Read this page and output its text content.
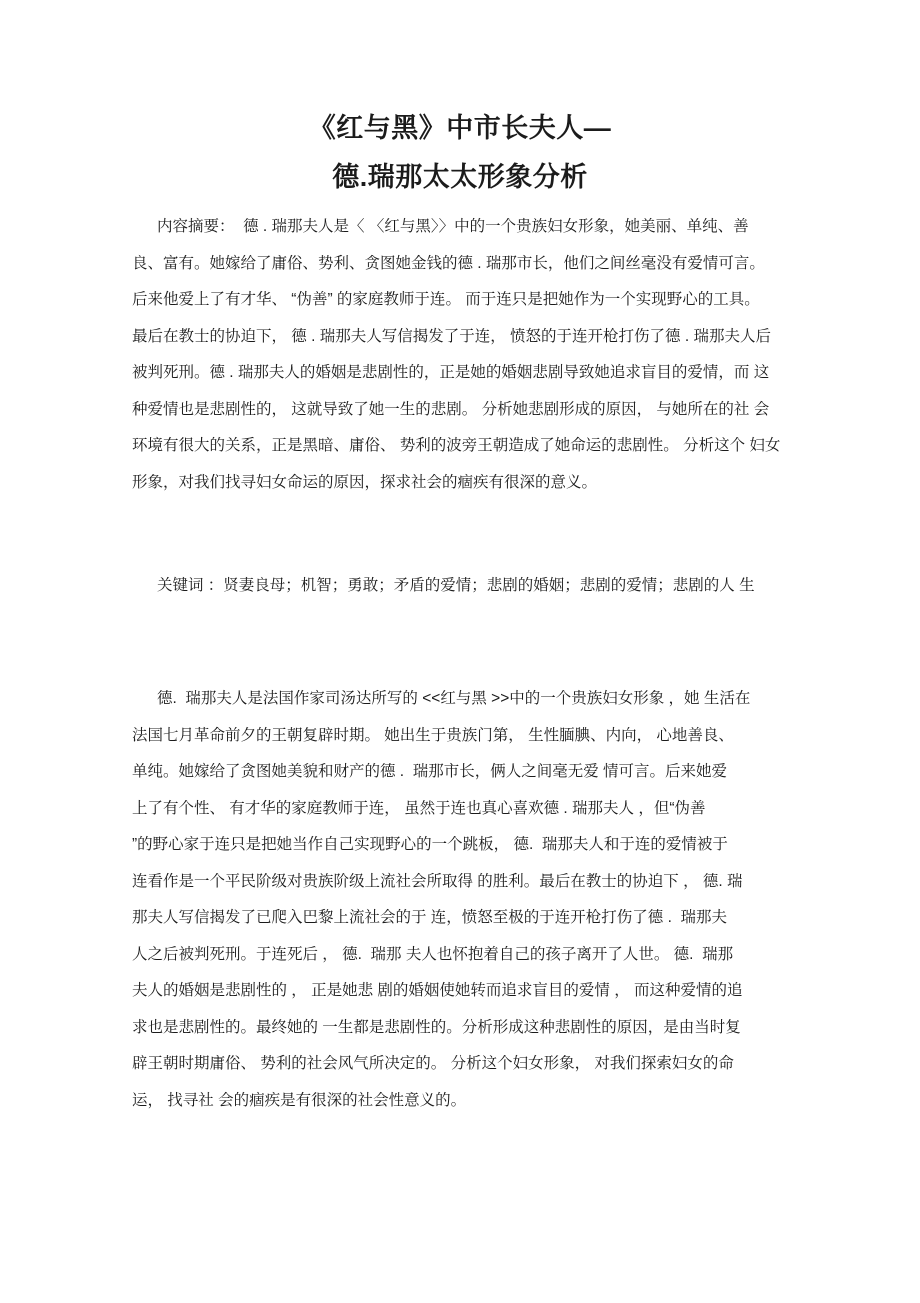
《红与黑》中市长夫人—
德.瑞那太太形象分析
内容摘要：  德 . 瑞那夫人是〈 〈红与黑〉〉中的一个贵族妇女形象，她美丽、单纯、善
良、富有。她嫁给了庸俗、势利、贪图她金钱的德 . 瑞那市长，他们之间丝毫没有爱情可言。
后来他爱上了有才华、 “伪善” 的家庭教师于连。 而于连只是把她作为一个实现野心的工具。
最后在教士的协迫下， 德 . 瑞那夫人写信揭发了于连， 愤怒的于连开枪打伤了德 . 瑞那夫人后
被判死刑。德 . 瑞那夫人的婚姻是悲剧性的，正是她的婚姻悲剧导致她追求盲目的爱情，而 这
种爱情也是悲剧性的， 这就导致了她一生的悲剧。 分析她悲剧形成的原因， 与她所在的社 会
环境有很大的关系，正是黑暗、庸俗、 势利的波旁王朝造成了她命运的悲剧性。 分析这个 妇女
形象，对我们找寻妇女命运的原因，探求社会的痼疾有很深的意义。
关键词 ：贤妻良母；机智；勇敢；矛盾的爱情；悲剧的婚姻；悲剧的爱情；悲剧的人 生
德.  瑞那夫人是法国作家司汤达所写的 <<红与黑 >>中的一个贵族妇女形象 ，她 生活在
法国七月革命前夕的王朝复辟时期。 她出生于贵族门第， 生性腼腆、内向， 心地善良、
单纯。她嫁给了贪图她美貌和财产的德 .  瑞那市长，俩人之间毫无爱 情可言。后来她爱
上了有个性、 有才华的家庭教师于连， 虽然于连也真心喜欢德 . 瑞那夫人 ，但“伪善
”的野心家于连只是把她当作自己实现野心的一个跳板， 德.  瑞那夫人和于连的爱情被于
连看作是一个平民阶级对贵族阶级上流社会所取得 的胜利。最后在教士的协迫下 ， 德. 瑞
那夫人写信揭发了已爬入巴黎上流社会的于 连，愤怒至极的于连开枪打伤了德 .  瑞那夫
人之后被判死刑。于连死后 ， 德.  瑞那 夫人也怀抱着自己的孩子离开了人世。 德.  瑞那
夫人的婚姻是悲剧性的 ， 正是她悲 剧的婚姻使她转而追求盲目的爱情 ， 而这种爱情的追
求也是悲剧性的。最终她的 一生都是悲剧性的。分析形成这种悲剧性的原因，是由当时复
辟王朝时期庸俗、 势利的社会风气所决定的。 分析这个妇女形象， 对我们探索妇女的命
运， 找寻社 会的痼疾是有很深的社会性意义的。
